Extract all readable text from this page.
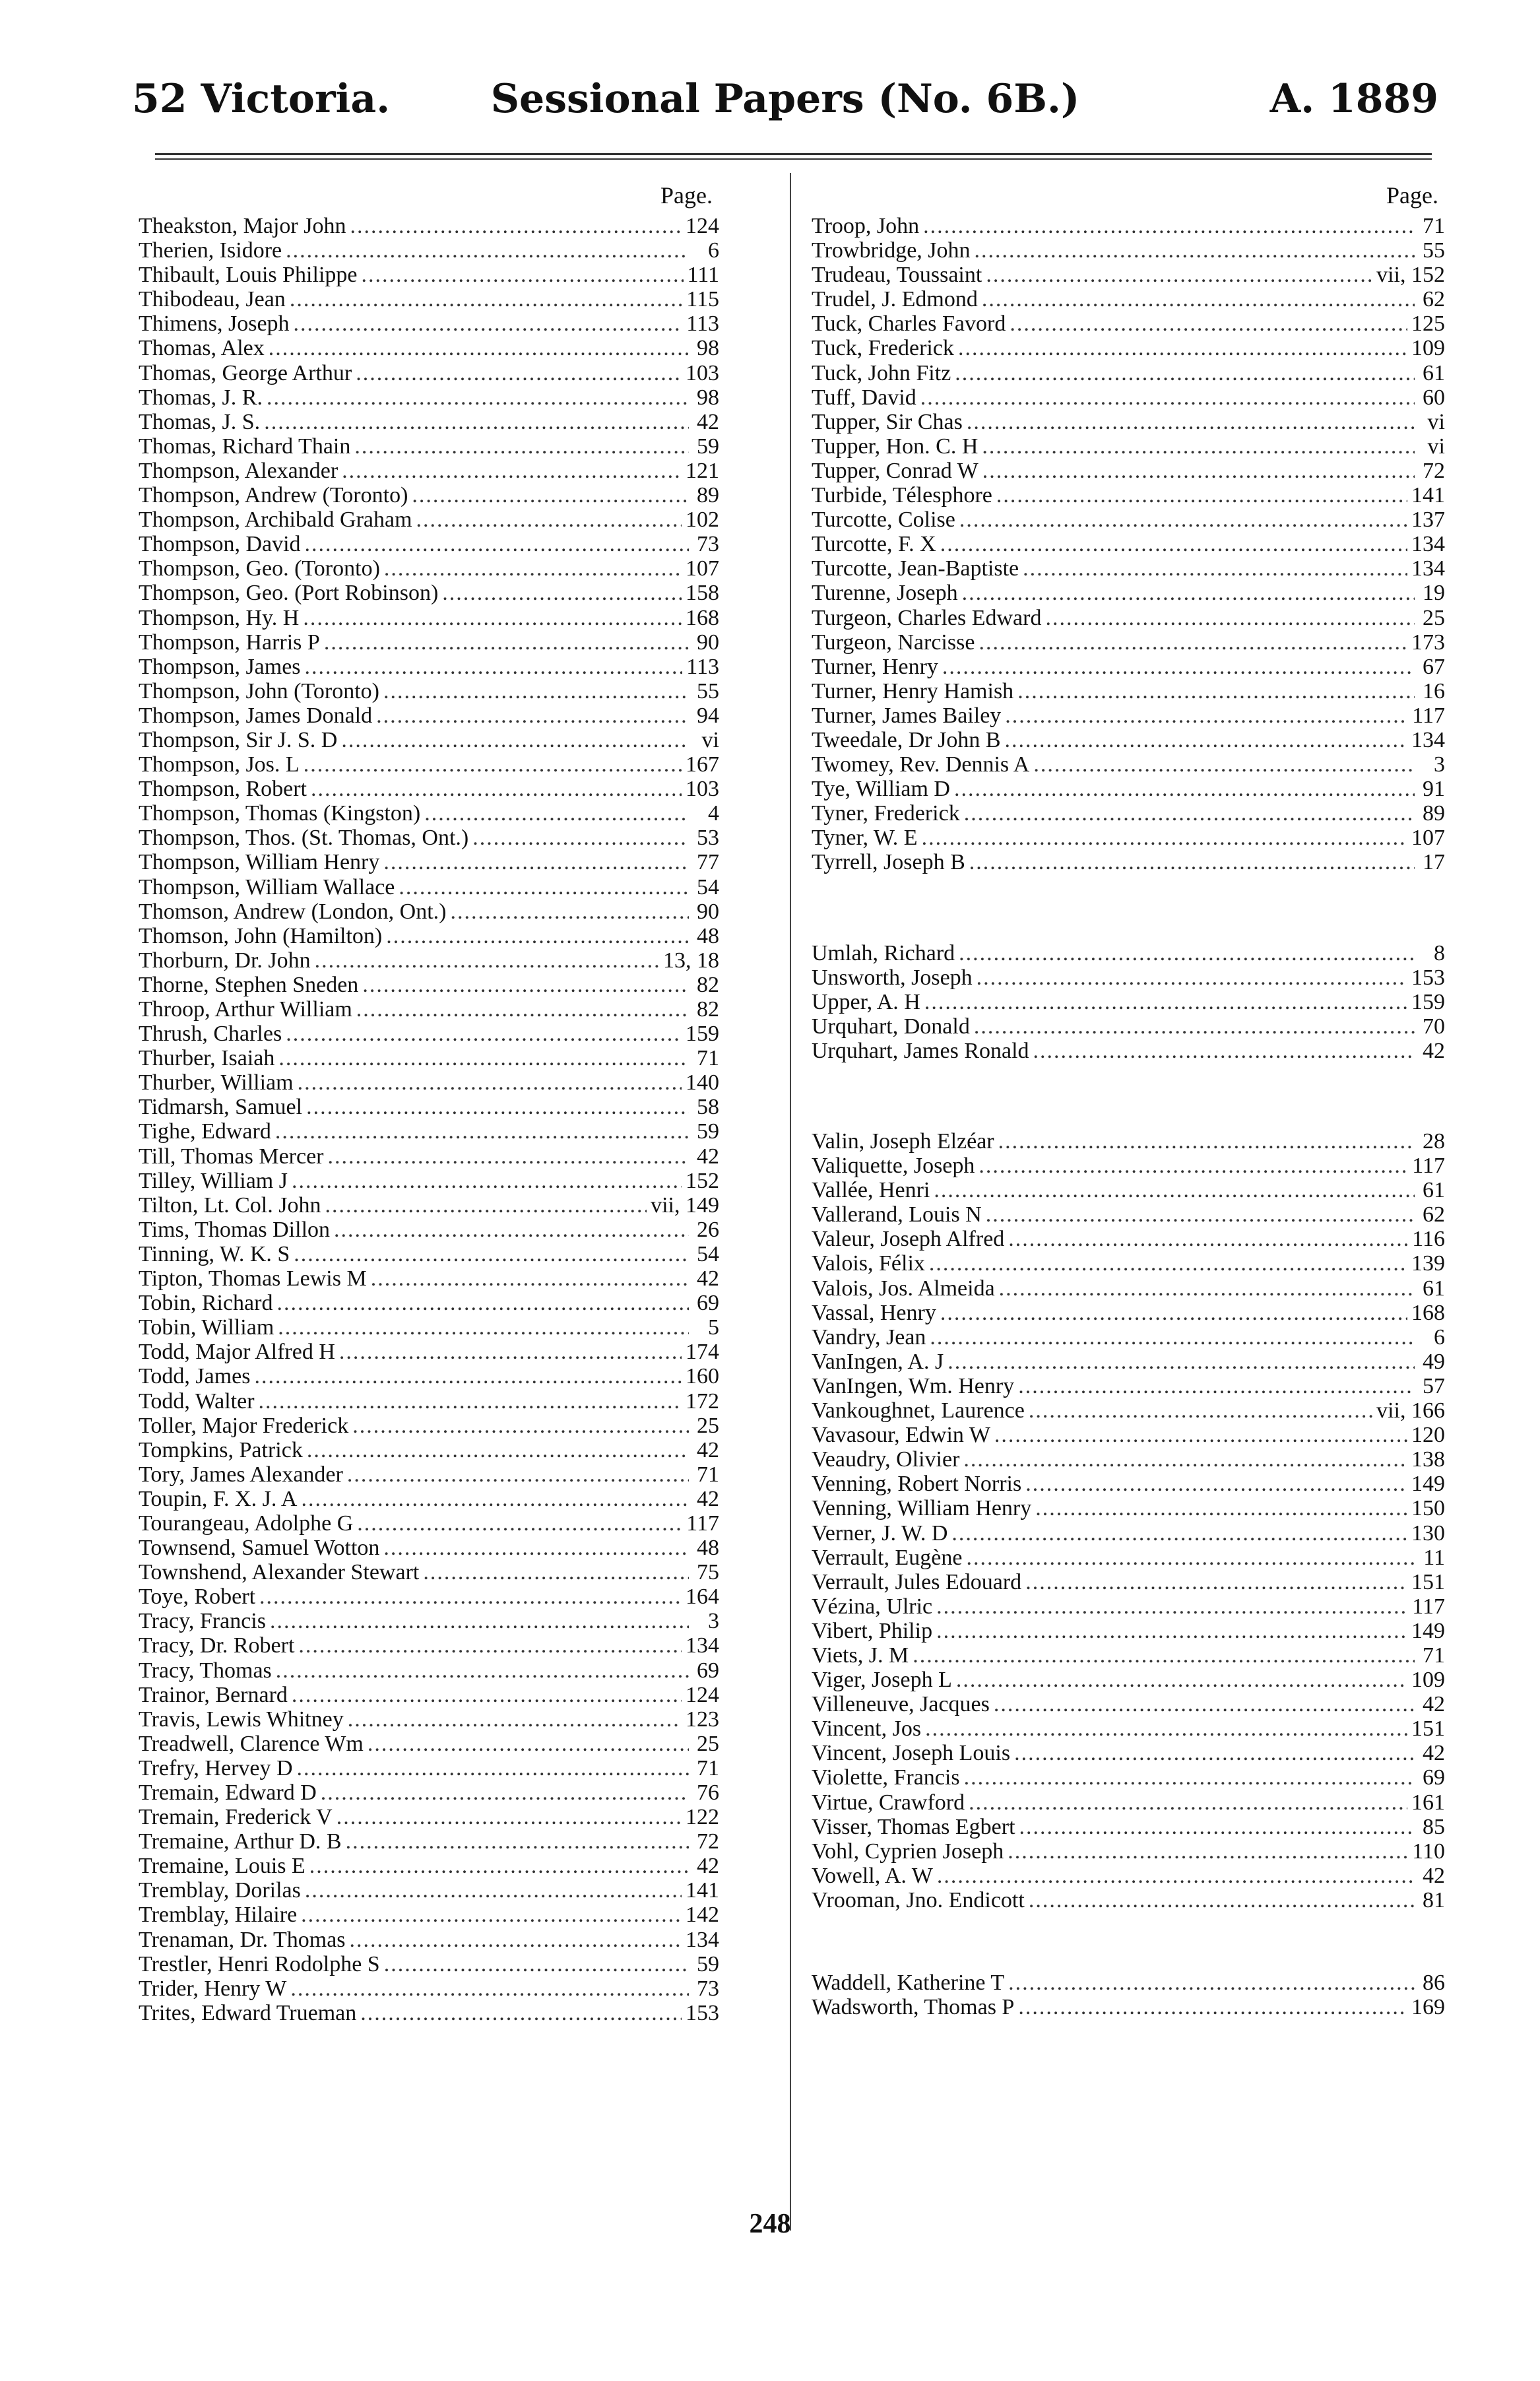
52 Victoria.	Sessional Papers (No. 6B.)	A. 1889
Page.
Theakston, Major John .....	124
Therien, Isidore .....	6
Thibault, Louis Philippe .....	111
Thibodeau, Jean .....	115
Thimens, Joseph .....	113
Thomas, Alex .....	98
Thomas, George Arthur .....	103
Thomas, J. R. .....	98
Thomas, J. S. .....	42
Thomas, Richard Thain .....	59
Thompson, Alexander .....	121
Thompson, Andrew (Toronto) .....	89
Thompson, Archibald Graham .....	102
Thompson, David .....	73
Thompson, Geo. (Toronto) .....	107
Thompson, Geo. (Port Robinson) .....	158
Thompson, Hy. H .....	168
Thompson, Harris P .....	90
Thompson, James .....	113
Thompson, John (Toronto) .....	55
Thompson, James Donald .....	94
Thompson, Sir J. S. D .....	vi
Thompson, Jos. L .....	167
Thompson, Robert .....	103
Thompson, Thomas (Kingston) .....	4
Thompson, Thos. (St. Thomas, Ont.) .....	53
Thompson, William Henry .....	77
Thompson, William Wallace .....	54
Thomson, Andrew (London, Ont.) .....	90
Thomson, John (Hamilton) .....	48
Thorburn, Dr. John .....	13, 18
Thorne, Stephen Sneden .....	82
Throop, Arthur William .....	82
Thrush, Charles .....	159
Thurber, Isaiah .....	71
Thurber, William .....	140
Tidmarsh, Samuel .....	58
Tighe, Edward .....	59
Till, Thomas Mercer .....	42
Tilley, William J .....	152
Tilton, Lt. Col. John .....	vii, 149
Tims, Thomas Dillon .....	26
Tinning, W. K. S .....	54
Tipton, Thomas Lewis M .....	42
Tobin, Richard .....	69
Tobin, William .....	5
Todd, Major Alfred H .....	174
Todd, James .....	160
Todd, Walter .....	172
Toller, Major Frederick .....	25
Tompkins, Patrick .....	42
Tory, James Alexander .....	71
Toupin, F. X. J. A .....	42
Tourangeau, Adolphe G .....	117
Townsend, Samuel Wotton .....	48
Townshend, Alexander Stewart .....	75
Toye, Robert .....	164
Tracy, Francis .....	3
Tracy, Dr. Robert .....	134
Tracy, Thomas .....	69
Trainor, Bernard .....	124
Travis, Lewis Whitney .....	123
Treadwell, Clarence Wm .....	25
Trefry, Hervey D .....	71
Tremain, Edward D .....	76
Tremain, Frederick V .....	122
Tremaine, Arthur D. B .....	72
Tremaine, Louis E .....	42
Tremblay, Dorilas .....	141
Tremblay, Hilaire .....	142
Trenaman, Dr. Thomas .....	134
Trestler, Henri Rodolphe S .....	59
Trider, Henry W .....	73
Trites, Edward Trueman .....	153
Page.
Troop, John .....	71
Trowbridge, John .....	55
Trudeau, Toussaint .....	vii, 152
Trudel, J. Edmond .....	62
Tuck, Charles Favord .....	125
Tuck, Frederick .....	109
Tuck, John Fitz .....	61
Tuff, David .....	60
Tupper, Sir Chas .....	vi
Tupper, Hon. C. H .....	vi
Tupper, Conrad W .....	72
Turbide, Télesphore .....	141
Turcotte, Colise .....	137
Turcotte, F. X .....	134
Turcotte, Jean-Baptiste .....	134
Turenne, Joseph .....	19
Turgeon, Charles Edward .....	25
Turgeon, Narcisse .....	173
Turner, Henry .....	67
Turner, Henry Hamish .....	16
Turner, James Bailey .....	117
Tweedale, Dr John B .....	134
Twomey, Rev. Dennis A .....	3
Tye, William D .....	91
Tyner, Frederick .....	89
Tyner, W. E .....	107
Tyrrell, Joseph B .....	17
Umlah, Richard .....	8
Unsworth, Joseph .....	153
Upper, A. H .....	159
Urquhart, Donald .....	70
Urquhart, James Ronald .....	42
Valin, Joseph Elzéar .....	28
Valiquette, Joseph .....	117
Vallée, Henri .....	61
Vallerand, Louis N .....	62
Valeur, Joseph Alfred .....	116
Valois, Félix .....	139
Valois, Jos. Almeida .....	61
Vassal, Henry .....	168
Vandry, Jean .....	6
VanIngen, A. J .....	49
VanIngen, Wm. Henry .....	57
Vankoughnet, Laurence .....	vii, 166
Vavasour, Edwin W .....	120
Veaudry, Olivier .....	138
Venning, Robert Norris .....	149
Venning, William Henry .....	150
Verner, J. W. D .....	130
Verrault, Eugène .....	11
Verrault, Jules Edouard .....	151
Vézina, Ulric .....	117
Vibert, Philip .....	149
Viets, J. M .....	71
Viger, Joseph L .....	109
Villeneuve, Jacques .....	42
Vincent, Jos .....	151
Vincent, Joseph Louis .....	42
Violette, Francis .....	69
Virtue, Crawford .....	161
Visser, Thomas Egbert .....	85
Vohl, Cyprien Joseph .....	110
Vowell, A. W .....	42
Vrooman, Jno. Endicott .....	81
Waddell, Katherine T .....	86
Wadsworth, Thomas P .....	169
248
